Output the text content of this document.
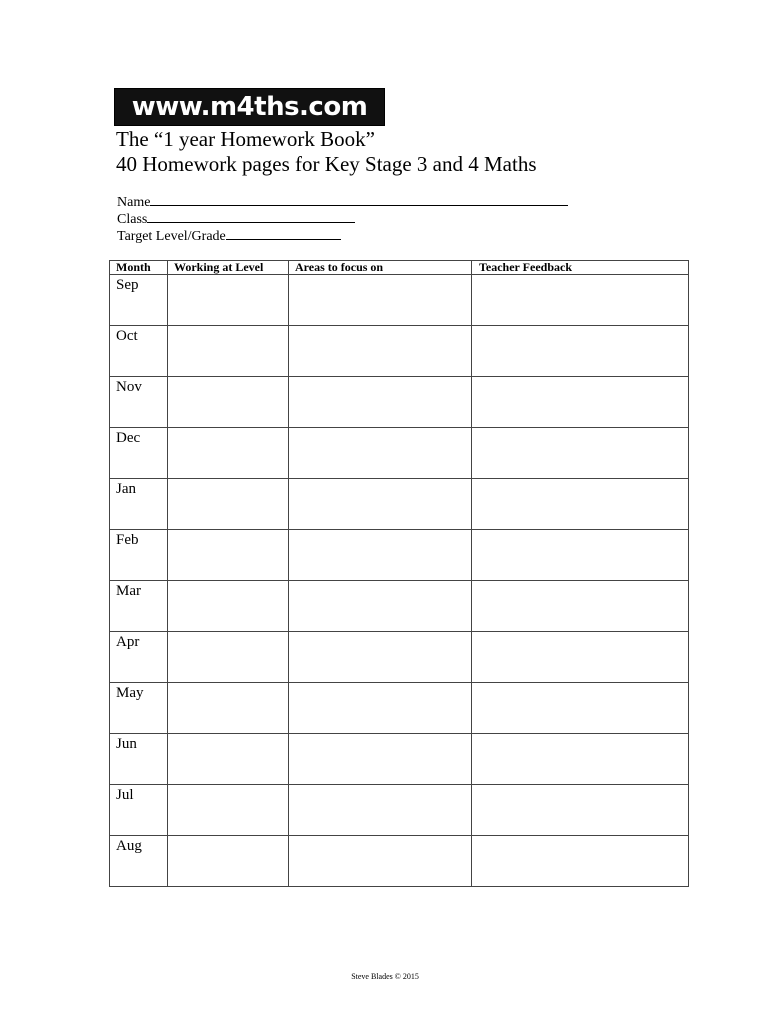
www.m4ths.com
The “1 year Homework Book”
40 Homework pages for Key Stage 3 and 4 Maths
Name
Class
Target Level/Grade
Month	Working at Level	Areas to focus on	Teacher Feedback

Sep			

Oct			

Nov			

Dec			

Jan			

Feb			

Mar			

Apr			

May			

Jun			

Jul			

Aug			

Steve Blades © 2015
